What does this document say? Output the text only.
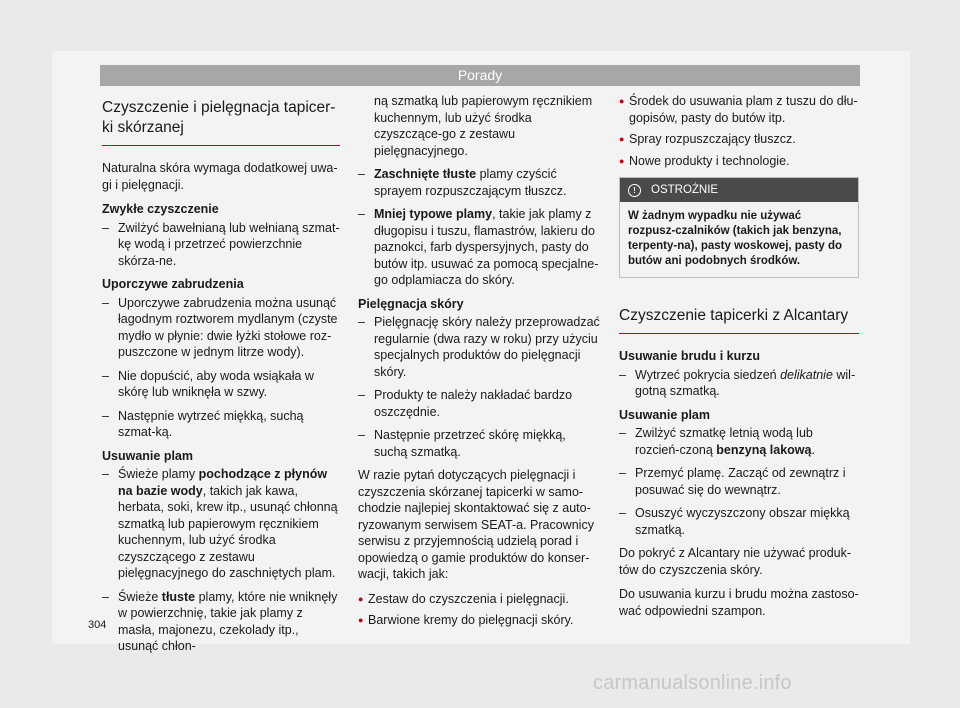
Porady
Czyszczenie i pielęgnacja tapicer-ki skórzanej

Naturalna skóra wymaga dodatkowej uwa-gi i pielęgnacji.

Zwykłe czyszczenie
– Zwilżyć bawełnianą lub wełnianą szmat-kę wodą i przetrzeć powierzchnie skórza-ne.
Uporczywe zabrudzenia
– Uporczywe zabrudzenia można usunąć łagodnym roztworem mydlanym (czyste mydło w płynie: dwie łyżki stołowe roz-puszczone w jednym litrze wody).
– Nie dopuścić, aby woda wsiąkała w skórę lub wniknęła w szwy.
– Następnie wytrzeć miękką, suchą szmat-ką.
Usuwanie plam
– Świeże plamy pochodzące z płynów na bazie wody, takich jak kawa, herbata, soki, krew itp., usunąć chłonną szmatką lub papierowym ręcznikiem kuchennym, lub użyć środka czyszczącego z zestawu pielęgnacyjnego do zaschniętych plam.
– Świeże tłuste plamy, które nie wniknęły w powierzchnię, takie jak plamy z masła, majonezu, czekolady itp., usunąć chłon-
ną szmatką lub papierowym ręcznikiem kuchennym, lub użyć środka czyszczące-go z zestawu pielęgnacyjnego.
– Zaschnięte tłuste plamy czyścić sprayem rozpuszczającym tłuszcz.
– Mniej typowe plamy, takie jak plamy z długopisu i tuszu, flamastrów, lakieru do paznokci, farb dyspersyjnych, pasty do butów itp. usuwać za pomocą specjalne-go odplamiacza do skóry.
Pielęgnacja skóry
– Pielęgnację skóry należy przeprowadzać regularnie (dwa razy w roku) przy użyciu specjalnych produktów do pielęgnacji skóry.
– Produkty te należy nakładać bardzo oszczędnie.
– Następnie przetrzeć skórę miękką, suchą szmatką.

W razie pytań dotyczących pielęgnacji i czyszczenia skórzanej tapicerki w samo-chodzie najlepiej skontaktować się z auto-ryzowanym serwisem SEAT-a. Pracownicy serwisu z przyjemnością udzielą porad i opowiedzą o gamie produktów do konser-wacji, takich jak:

● Zestaw do czyszczenia i pielęgnacji.
● Barwione kremy do pielęgnacji skóry.
● Środek do usuwania plam z tuszu do dłu-gopisów, pasty do butów itp.
● Spray rozpuszczający tłuszcz.
● Nowe produkty i technologie.
!	OSTROŻNIE
W żadnym wypadku nie używać rozpusz-czalników (takich jak benzyna, terpenty-na), pasty woskowej, pasty do butów ani podobnych środków.
Czyszczenie tapicerki z Alcantary
Usuwanie brudu i kurzu
– Wytrzeć pokrycia siedzeń delikatnie wil-gotną szmatką.
Usuwanie plam
– Zwilżyć szmatkę letnią wodą lub rozcień-czoną benzyną lakową.
– Przemyć plamę. Zacząć od zewnątrz i posuwać się do wewnątrz.
– Osuszyć wyczyszczony obszar miękką szmatką.

Do pokryć z Alcantary nie używać produk-tów do czyszczenia skóry.

Do usuwania kurzu i brudu można zastoso-wać odpowiedni szampon.

304
carmanualsonline.info
